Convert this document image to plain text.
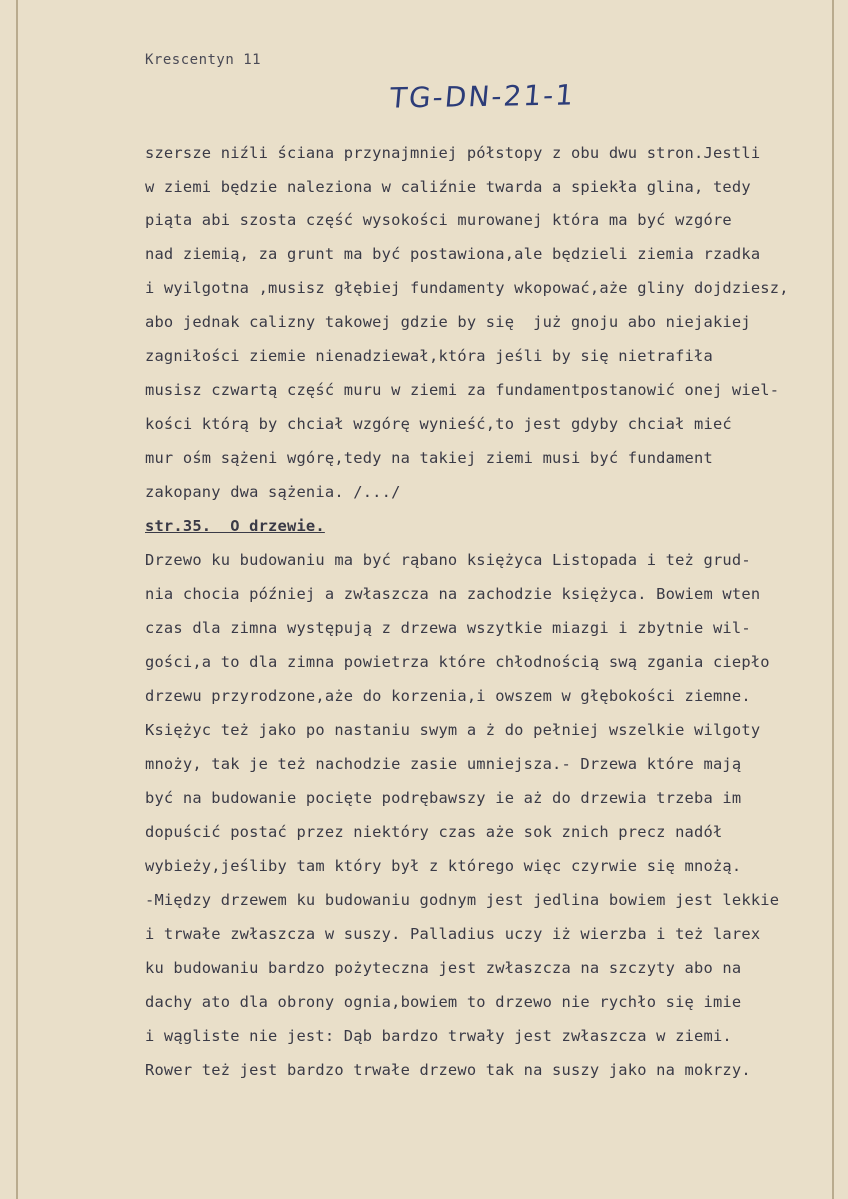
Krescentyn 11
TG-DN-21-1
szersze niźli ściana przynajmniej półstopy z obu dwu stron.Jestli
w ziemi będzie naleziona w caliźnie twarda a spiekła glina, tedy
piąta abi szosta część wysokości murowanej która ma być wzgóre
nad ziemią, za grunt ma być postawiona,ale będzieli ziemia rzadka
i wyilgotna ,musisz głębiej fundamenty wkopować,aże gliny dojdziesz,
abo jednak calizny takowej gdzie by się  już gnoju abo niejakiej
zagniłości ziemie nienadziewał,która jeśli by się nietrafiła
musisz czwartą część muru w ziemi za fundamentpostanowić onej wiel-
kości którą by chciał wzgórę wynieść,to jest gdyby chciał mieć
mur ośm sążeni wgórę,tedy na takiej ziemi musi być fundament
zakopany dwa sążenia. /.../
str.35.  O drzewie.
Drzewo ku budowaniu ma być rąbano księżyca Listopada i też grud-
nia chocia później a zwłaszcza na zachodzie księżyca. Bowiem wten
czas dla zimna występują z drzewa wszytkie miazgi i zbytnie wil-
gości,a to dla zimna powietrza które chłodnością swą zgania ciepło
drzewu przyrodzone,aże do korzenia,i owszem w głębokości ziemne.
Księżyc też jako po nastaniu swym a ż do pełniej wszelkie wilgoty
mnoży, tak je też nachodzie zasie umniejsza.- Drzewa które mają
być na budowanie pocięte podrębawszy ie aż do drzewia trzeba im
dopuścić postać przez niektóry czas aże sok znich precz nadół
wybieży,jeśliby tam który był z którego więc czyrwie się mnożą.
-Między drzewem ku budowaniu godnym jest jedlina bowiem jest lekkie
i trwałe zwłaszcza w suszy. Palladius uczy iż wierzba i też larex
ku budowaniu bardzo pożyteczna jest zwłaszcza na szczyty abo na
dachy ato dla obrony ognia,bowiem to drzewo nie rychło się imie
i wągliste nie jest: Dąb bardzo trwały jest zwłaszcza w ziemi.
Rower też jest bardzo trwałe drzewo tak na suszy jako na mokrzy.
